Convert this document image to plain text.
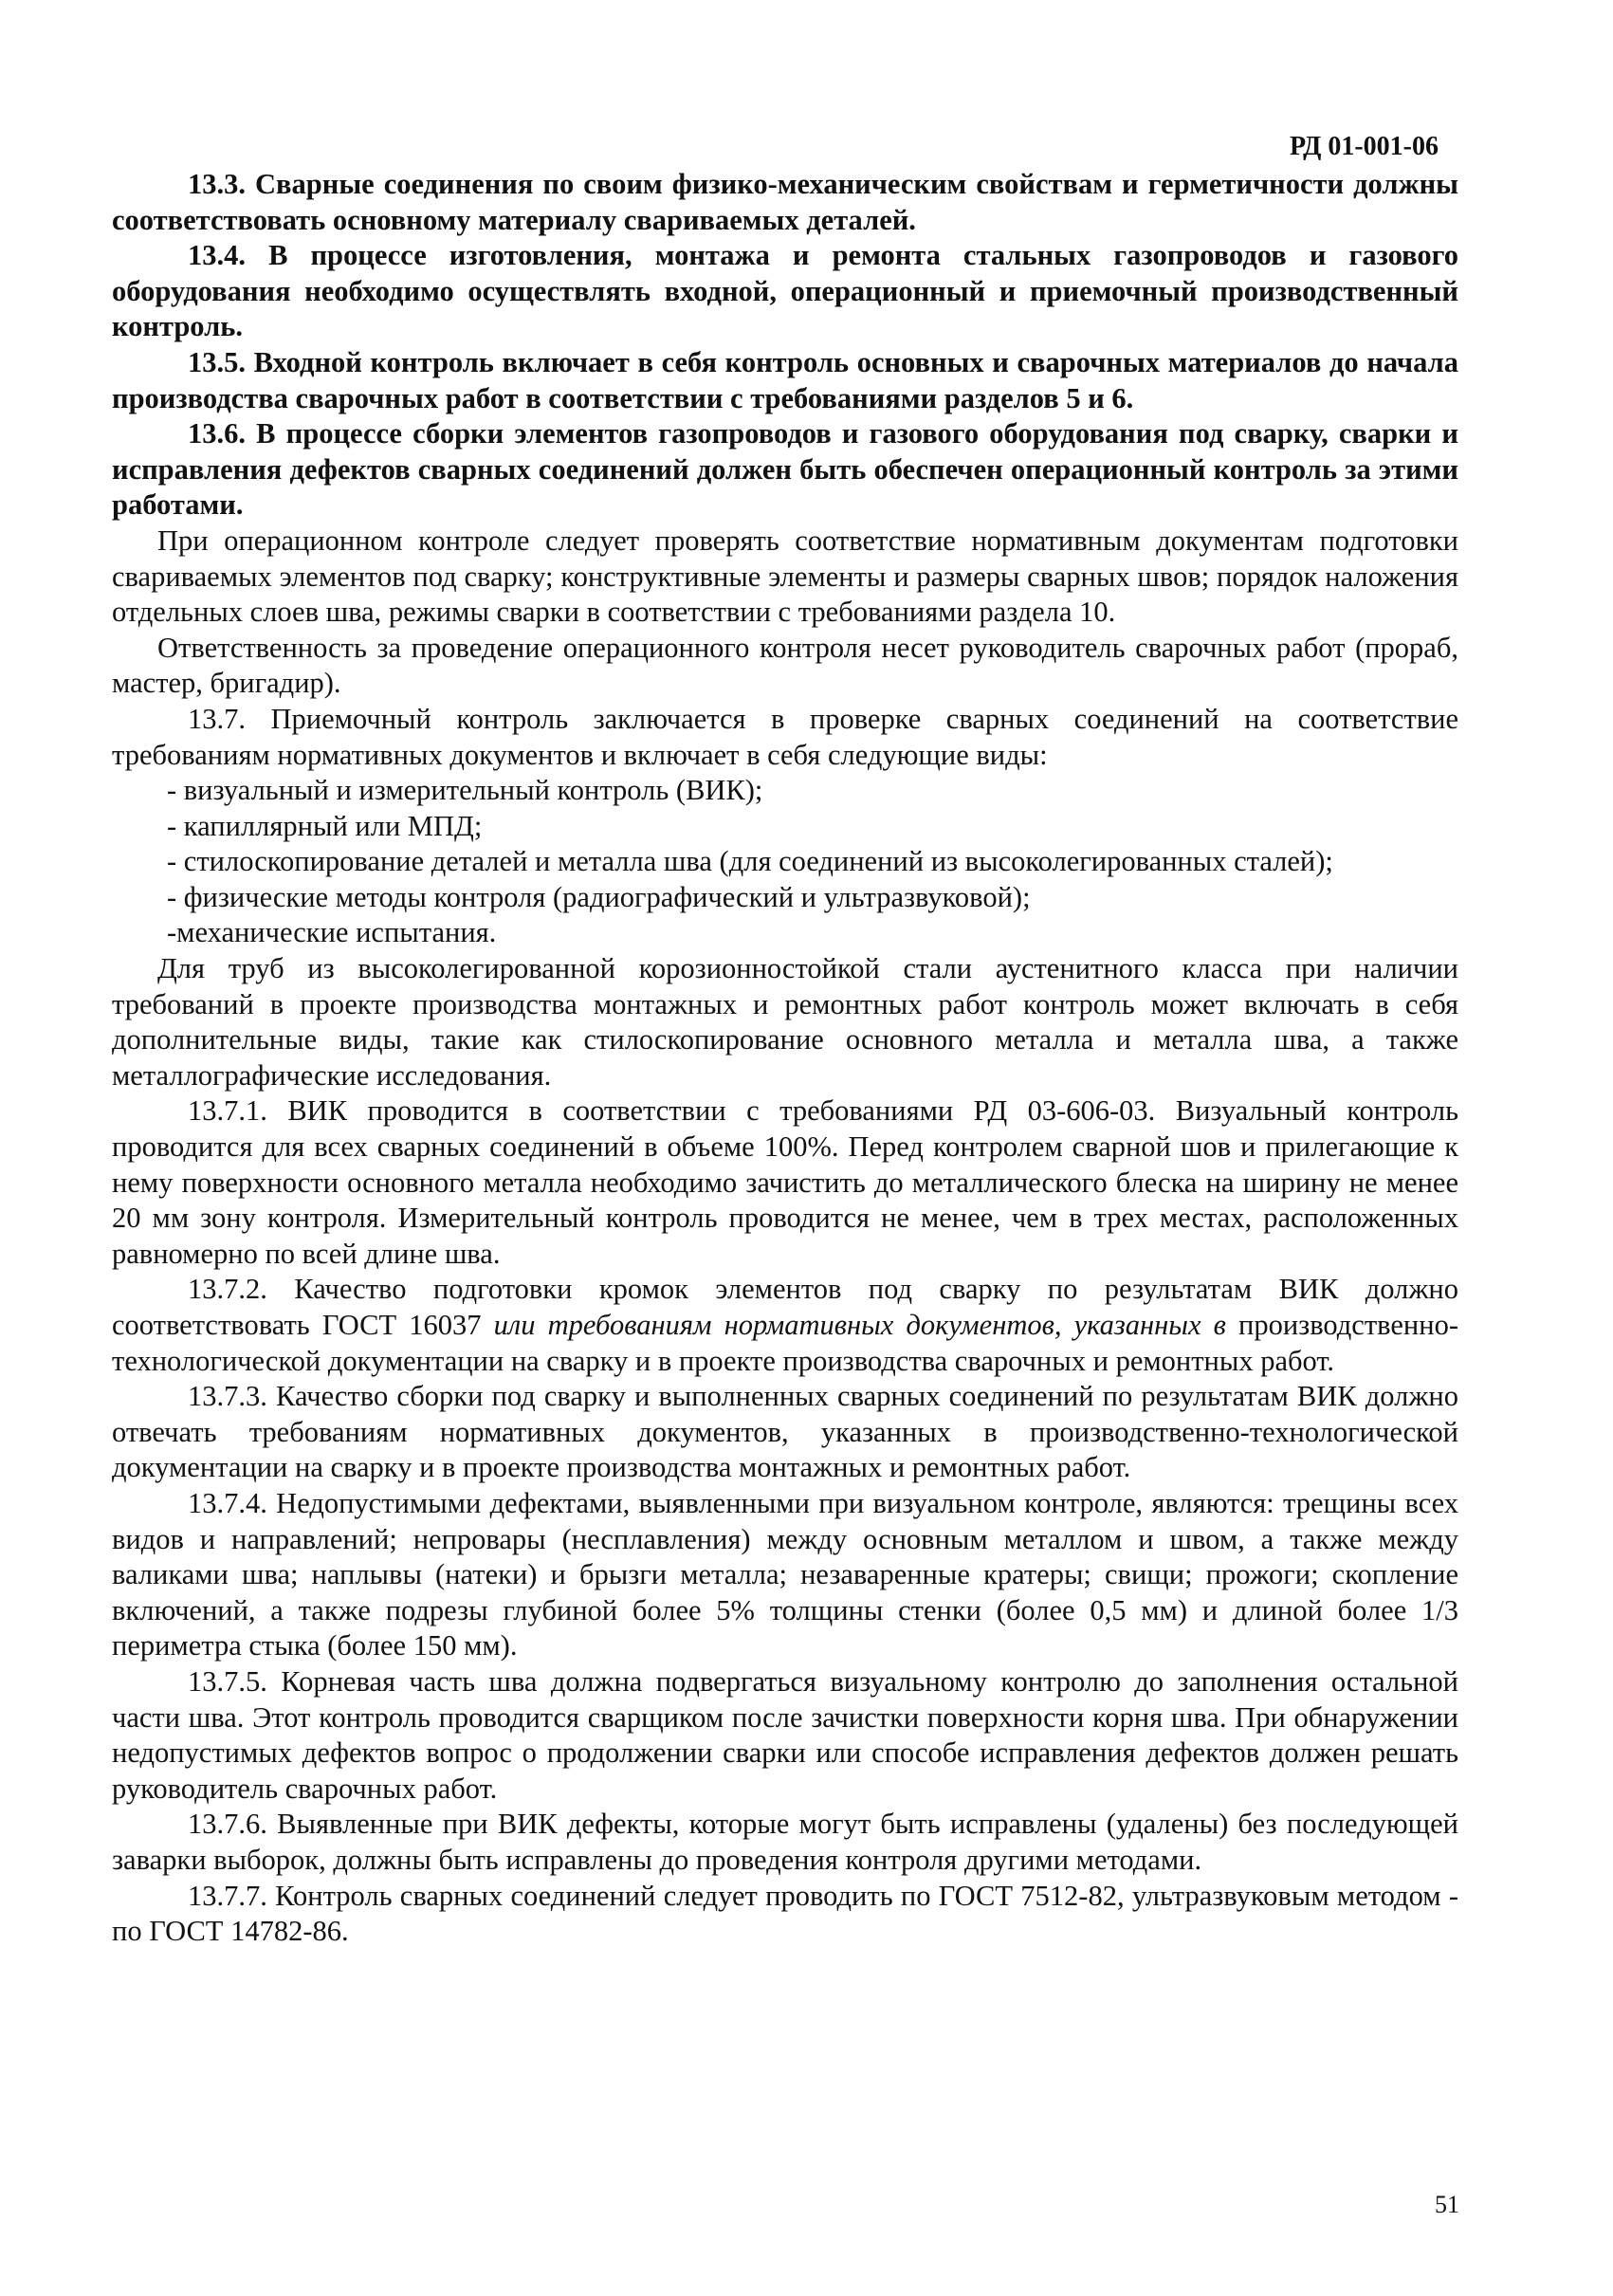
РД 01-001-06

13.3. Сварные соединения по своим физико-механическим свойствам и герметичности должны соответствовать основному материалу свариваемых деталей.

13.4. В процессе изготовления, монтажа и ремонта стальных газопроводов и газового оборудования необходимо осуществлять входной, операционный и приемочный производственный контроль.

13.5. Входной контроль включает в себя контроль основных и сварочных материалов до начала производства сварочных работ в соответствии с требованиями разделов 5 и 6.

13.6. В процессе сборки элементов газопроводов и газового оборудования под сварку, сварки и исправления дефектов сварных соединений должен быть обеспечен операционный контроль за этими работами.

При операционном контроле следует проверять соответствие нормативным документам подготовки свариваемых элементов под сварку; конструктивные элементы и размеры сварных швов; порядок наложения отдельных слоев шва, режимы сварки в соответствии с требованиями раздела 10.

Ответственность за проведение операционного контроля несет руководитель сварочных работ (прораб, мастер, бригадир).

13.7. Приемочный контроль заключается в проверке сварных соединений на соответствие требованиям нормативных документов и включает в себя следующие виды:

- визуальный и измерительный контроль (ВИК);
- капиллярный или МПД;
- стилоскопирование деталей и металла шва (для соединений из высоколегированных сталей);
- физические методы контроля (радиографический и ультразвуковой);
-механические испытания.

Для труб из высоколегированной корозионностойкой стали аустенитного класса при наличии требований в проекте производства монтажных и ремонтных работ контроль может включать в себя дополнительные виды, такие как стилоскопирование основного металла и металла шва, а также металлографические исследования.

13.7.1. ВИК проводится в соответствии с требованиями РД 03-606-03. Визуальный контроль проводится для всех сварных соединений в объеме 100%. Перед контролем сварной шов и прилегающие к нему поверхности основного металла необходимо зачистить до металлического блеска на ширину не менее 20 мм зону контроля. Измерительный контроль проводится не менее, чем в трех местах, расположенных равномерно по всей длине шва.

13.7.2. Качество подготовки кромок элементов под сварку по результатам ВИК должно соответствовать ГОСТ 16037 или требованиям нормативных документов, указанных в производственно-технологической документации на сварку и в проекте производства сварочных и ремонтных работ.

13.7.3. Качество сборки под сварку и выполненных сварных соединений по результатам ВИК должно отвечать требованиям нормативных документов, указанных в производственно-технологической документации на сварку и в проекте производства монтажных и ремонтных работ.

13.7.4. Недопустимыми дефектами, выявленными при визуальном контроле, являются: трещины всех видов и направлений; непровары (несплавления) между основным металлом и швом, а также между валиками шва; наплывы (натеки) и брызги металла; незаваренные кратеры; свищи; прожоги; скопление включений, а также подрезы глубиной более 5% толщины стенки (более 0,5 мм) и длиной более 1/3 периметра стыка (более 150 мм).

13.7.5. Корневая часть шва должна подвергаться визуальному контролю до заполнения остальной части шва. Этот контроль проводится сварщиком после зачистки поверхности корня шва. При обнаружении недопустимых дефектов вопрос о продолжении сварки или способе исправления дефектов должен решать руководитель сварочных работ.

13.7.6. Выявленные при ВИК дефекты, которые могут быть исправлены (удалены) без последующей заварки выборок, должны быть исправлены до проведения контроля другими методами.

13.7.7. Контроль сварных соединений следует проводить по ГОСТ 7512-82, ультразвуковым методом - по ГОСТ 14782-86.

51
